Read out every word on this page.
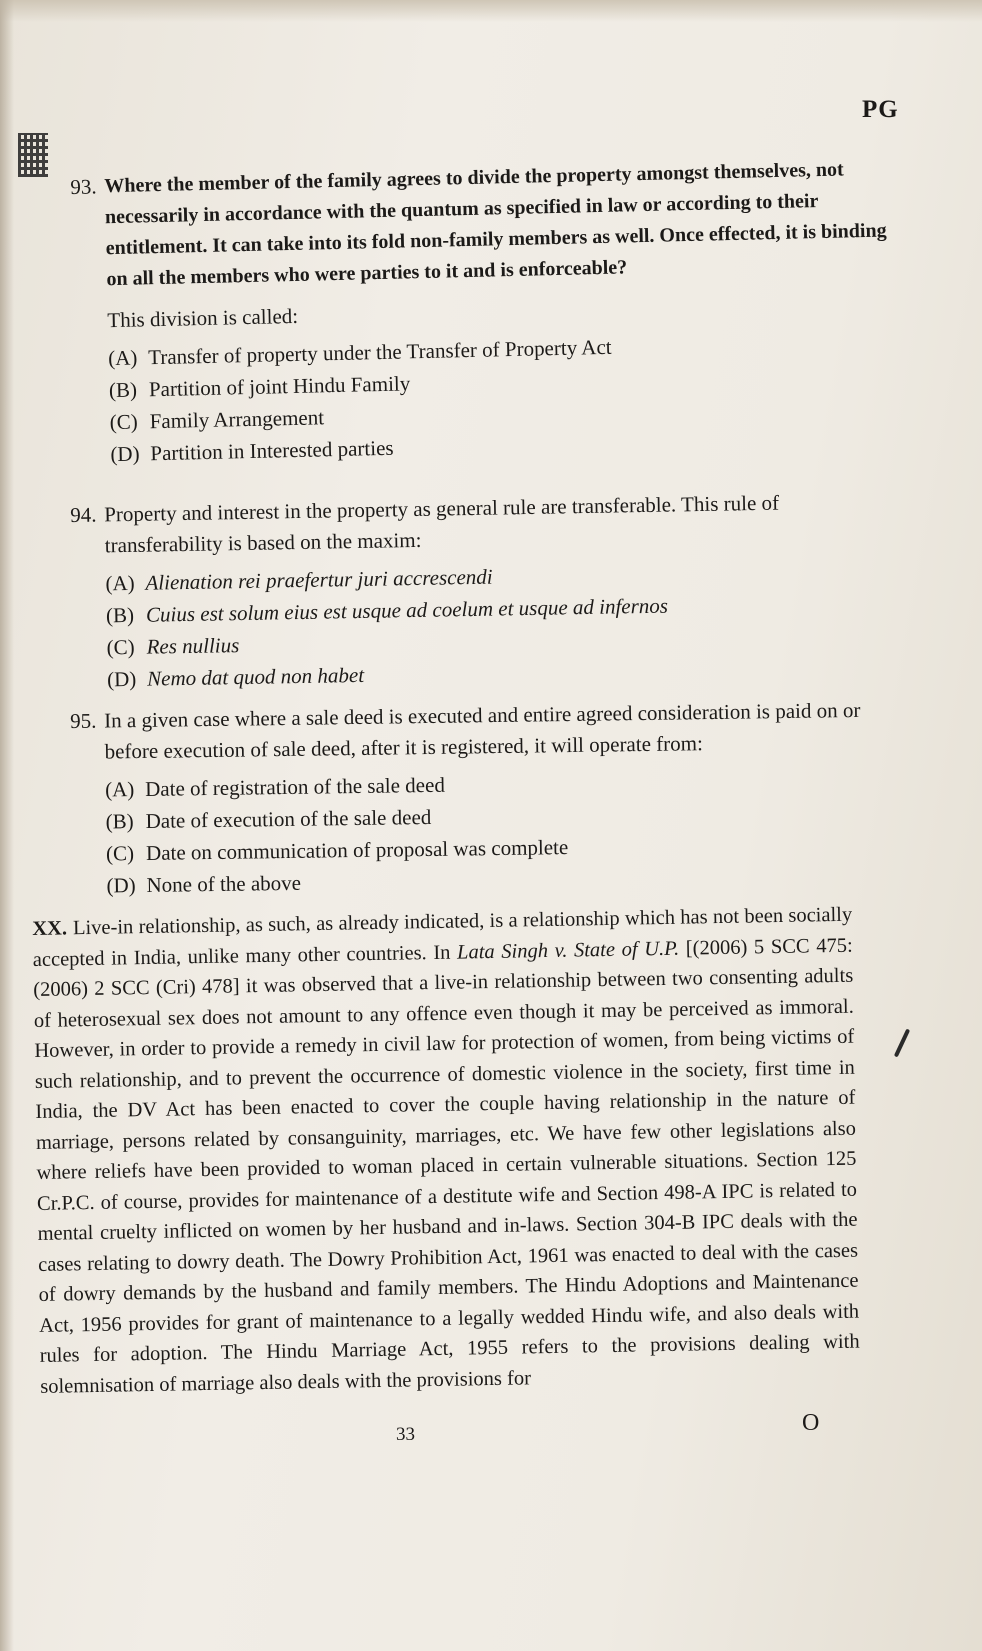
PG
93. Where the member of the family agrees to divide the property amongst themselves, not necessarily in accordance with the quantum as specified in law or according to their entitlement. It can take into its fold non-family members as well. Once effected, it is binding on all the members who were parties to it and is enforceable?
This division is called:
(A) Transfer of property under the Transfer of Property Act
(B) Partition of joint Hindu Family
(C) Family Arrangement
(D) Partition in Interested parties
94. Property and interest in the property as general rule are transferable. This rule of transferability is based on the maxim:
(A) Alienation rei praefertur juri accrescendi
(B) Cuius est solum eius est usque ad coelum et usque ad infernos
(C) Res nullius
(D) Nemo dat quod non habet
95. In a given case where a sale deed is executed and entire agreed consideration is paid on or before execution of sale deed, after it is registered, it will operate from:
(A) Date of registration of the sale deed
(B) Date of execution of the sale deed
(C) Date on communication of proposal was complete
(D) None of the above
XX. Live-in relationship, as such, as already indicated, is a relationship which has not been socially accepted in India, unlike many other countries. In Lata Singh v. State of U.P. [(2006) 5 SCC 475: (2006) 2 SCC (Cri) 478] it was observed that a live-in relationship between two consenting adults of heterosexual sex does not amount to any offence even though it may be perceived as immoral. However, in order to provide a remedy in civil law for protection of women, from being victims of such relationship, and to prevent the occurrence of domestic violence in the society, first time in India, the DV Act has been enacted to cover the couple having relationship in the nature of marriage, persons related by consanguinity, marriages, etc. We have few other legislations also where reliefs have been provided to woman placed in certain vulnerable situations. Section 125 Cr.P.C. of course, provides for maintenance of a destitute wife and Section 498-A IPC is related to mental cruelty inflicted on women by her husband and in-laws. Section 304-B IPC deals with the cases relating to dowry death. The Dowry Prohibition Act, 1961 was enacted to deal with the cases of dowry demands by the husband and family members. The Hindu Adoptions and Maintenance Act, 1956 provides for grant of maintenance to a legally wedded Hindu wife, and also deals with rules for adoption. The Hindu Marriage Act, 1955 refers to the provisions dealing with solemnisation of marriage also deals with the provisions for
33	O
